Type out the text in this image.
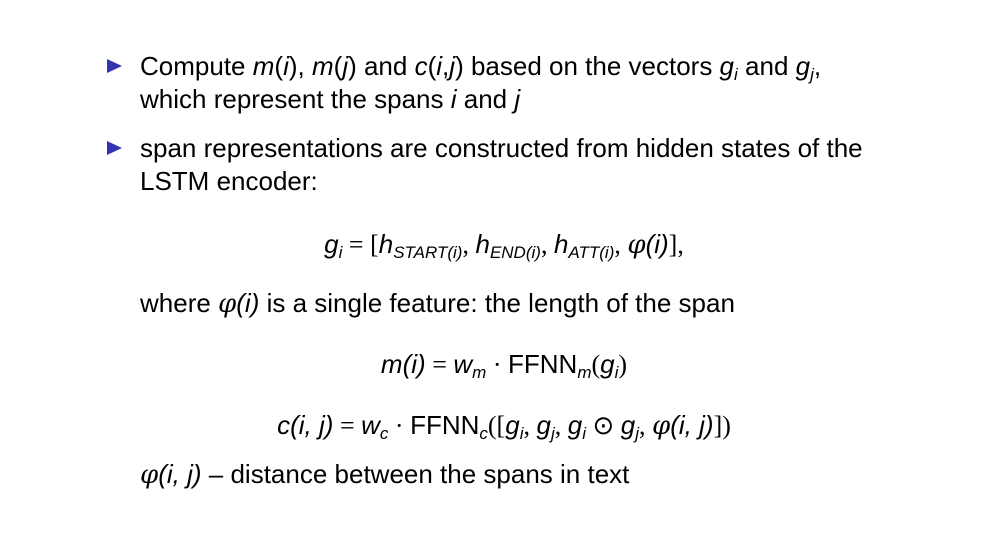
Compute m(i), m(j) and c(i,j) based on the vectors $g_i$ and $g_j$,
which represent the spans i and j
span representations are constructed from hidden states of the
LSTM encoder:
$g_i = [h_{START(i)}$, $h_{END(i)}$, $h_{ATT(i)}$, φ(i)],
where φ(i) is a single feature: the length of the span
$m(i) = w_m$ · $FFNN_m(g_i)$
c(i, $j) = w_c$ · $FFNN_c([g_i$, $g_j$, $g_i$ ⊙ $g_j$, φ(i, j)])
φ(i, j) – distance between the spans in text
